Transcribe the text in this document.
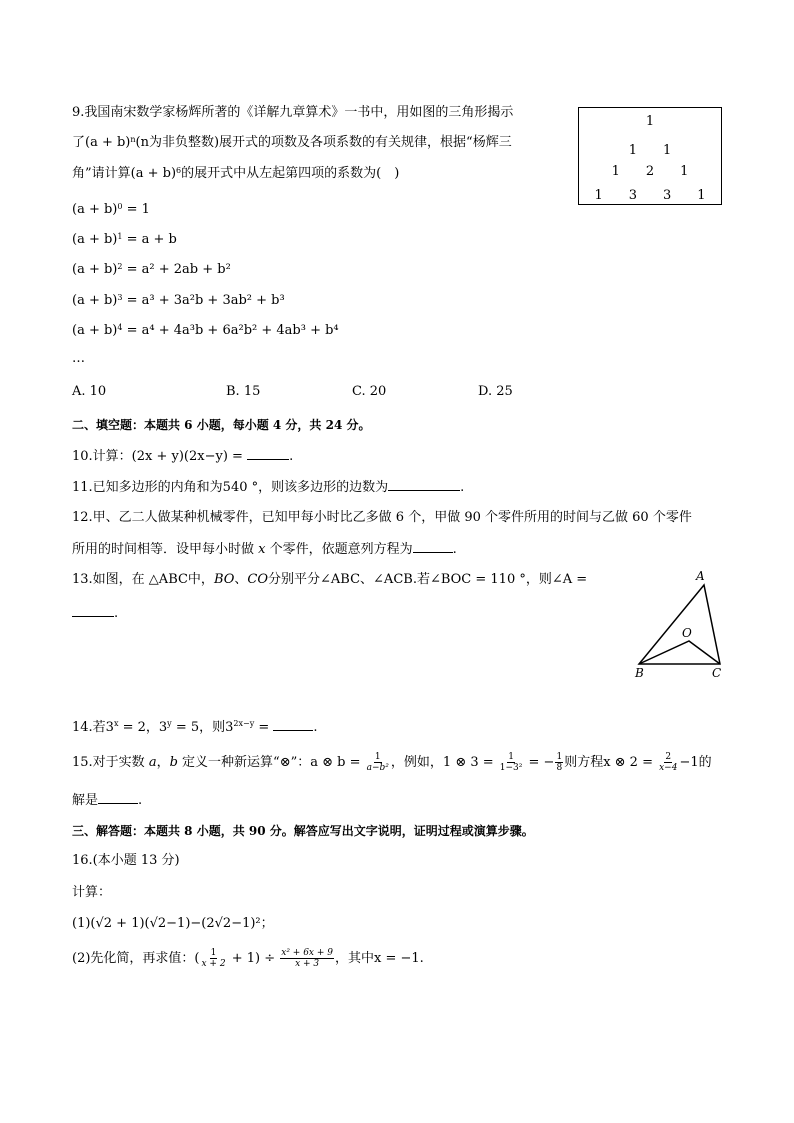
9.我国南宋数学家杨辉所著的《详解九章算术》一书中，用如图的三角形揭示
了$(a + b)^n(n$为非负整数)展开式的项数及各项系数的有关规律，根据“杨辉三
角”请计算$(a + b)^6$的展开式中从左起第四项的系数为(　)
$(a + b)^0 = 1$
$(a + b)^1 = a + b$
$(a + b)^2 = a^2 + 2ab + b^2$
$(a + b)^3 = a^3 + 3a^2b + 3ab^2 + b^3$
$(a + b)^4 = a^4 + 4a^3b + 6a^2b^2 + 4ab^3 + b^4$
…
A. 10	B. 15	C. 20	D. 25
1
1　　1
1　　2　　1
1　　3　　3　　1
二、填空题：本题共 6 小题，每小题 4 分，共 24 分。
10.计算：(2x + y)(2x−y) =	.
11.已知多边形的内角和为540 °，则该多边形的边数为	.
12.甲、乙二人做某种机械零件，已知甲每小时比乙多做 6 个，甲做 90 个零件所用的时间与乙做 60 个零件
所用的时间相等．设甲每小时做 x 个零件，依题意列方程为	.
13.如图，在 △ABC中，BO、CO分别平分∠ABC、∠ACB.若∠BOC = 110 °，则∠A =
.
A
O
B	C
14.若$3^x = 2$，$3^y = 5$，则$3^{2x-y}$ =	.
15.对于实数 a，b 定义一种新运算“⊗”：a ⊗ $b = \frac{1}{\text{a−b²}}$ ，例如，1 ⊗ $3 = \frac{1}{\text{1−3²}}$ = − $\frac{1}{8}$ 则方程x ⊗ $2 = \frac{2}{x-4} -1$的
解是	.
三、解答题：本题共 8 小题，共 90 分。解答应写出文字说明，证明过程或演算步骤。
16.(本小题 13 分)
计算：
(1)(√2 + 1)(√2−1)−(2√2−1)²；
(2)先化简，再求值：( $\frac{1}{x + 2} + 1) \div \frac{\text{x² + 6x + 9}}{x + 3}$ ，其中x = −1.
